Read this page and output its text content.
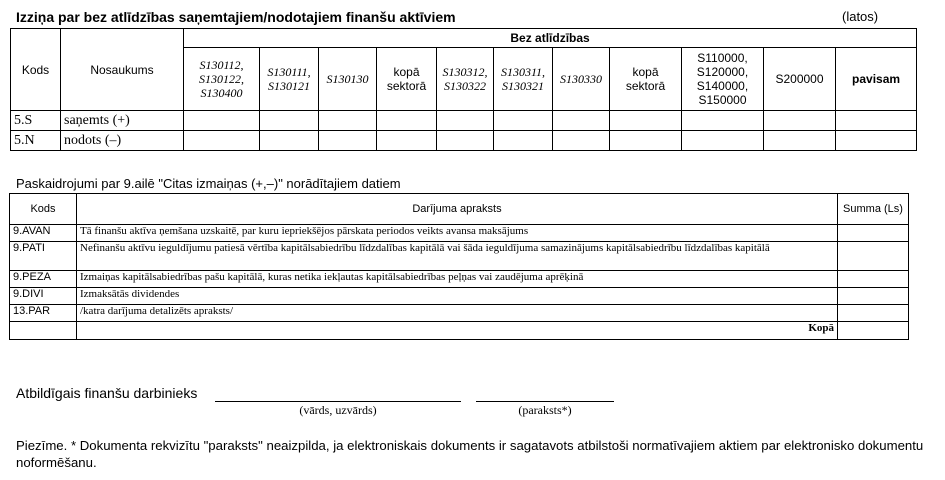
Izziņa par bez atlīdzības saņemtajiem/nodotajiem finanšu aktīviem	(latos)
Kods	Nosaukums	Bez atlīdzības										
		S130112, S130122, S130400	S130111, S130121	S130130	kopā sektorā	S130312, S130322	S130311, S130321	S130330	kopā sektorā	S110000, S120000, S140000, S150000	S200000	pavisam
5.S	saņemts (+)											
5.N	nodots (–)											
Paskaidrojumi par 9.ailē "Citas izmaiņas (+,–)" norādītajiem datiem
Kods	Darījuma apraksts	Summa (Ls)
9.AVAN	Tā finanšu aktīva ņemšana uzskaitē, par kuru iepriekšējos pārskata periodos veikts avansa maksājums	
9.PATI	Nefinanšu aktīvu ieguldījumu patiesā vērtība kapitālsabiedrību līdzdalības kapitālā vai šāda ieguldījuma samazinājums kapitālsabiedrību līdzdalības kapitālā	
9.PEZA	Izmaiņas kapitālsabiedrības pašu kapitālā, kuras netika iekļautas kapitālsabiedrības peļņas vai zaudējuma aprēķinā	
9.DIVI	Izmaksātās dividendes	
13.PAR	/katra darījuma detalizēts apraksts/	
	Kopā	
Atbildīgais finanšu darbinieks
(vārds, uzvārds)	(paraksts*)
Piezīme. * Dokumenta rekvizītu "paraksts" neaizpilda, ja elektroniskais dokuments ir sagatavots atbilstoši normatīvajiem aktiem par elektronisko dokumentu noformēšanu.
